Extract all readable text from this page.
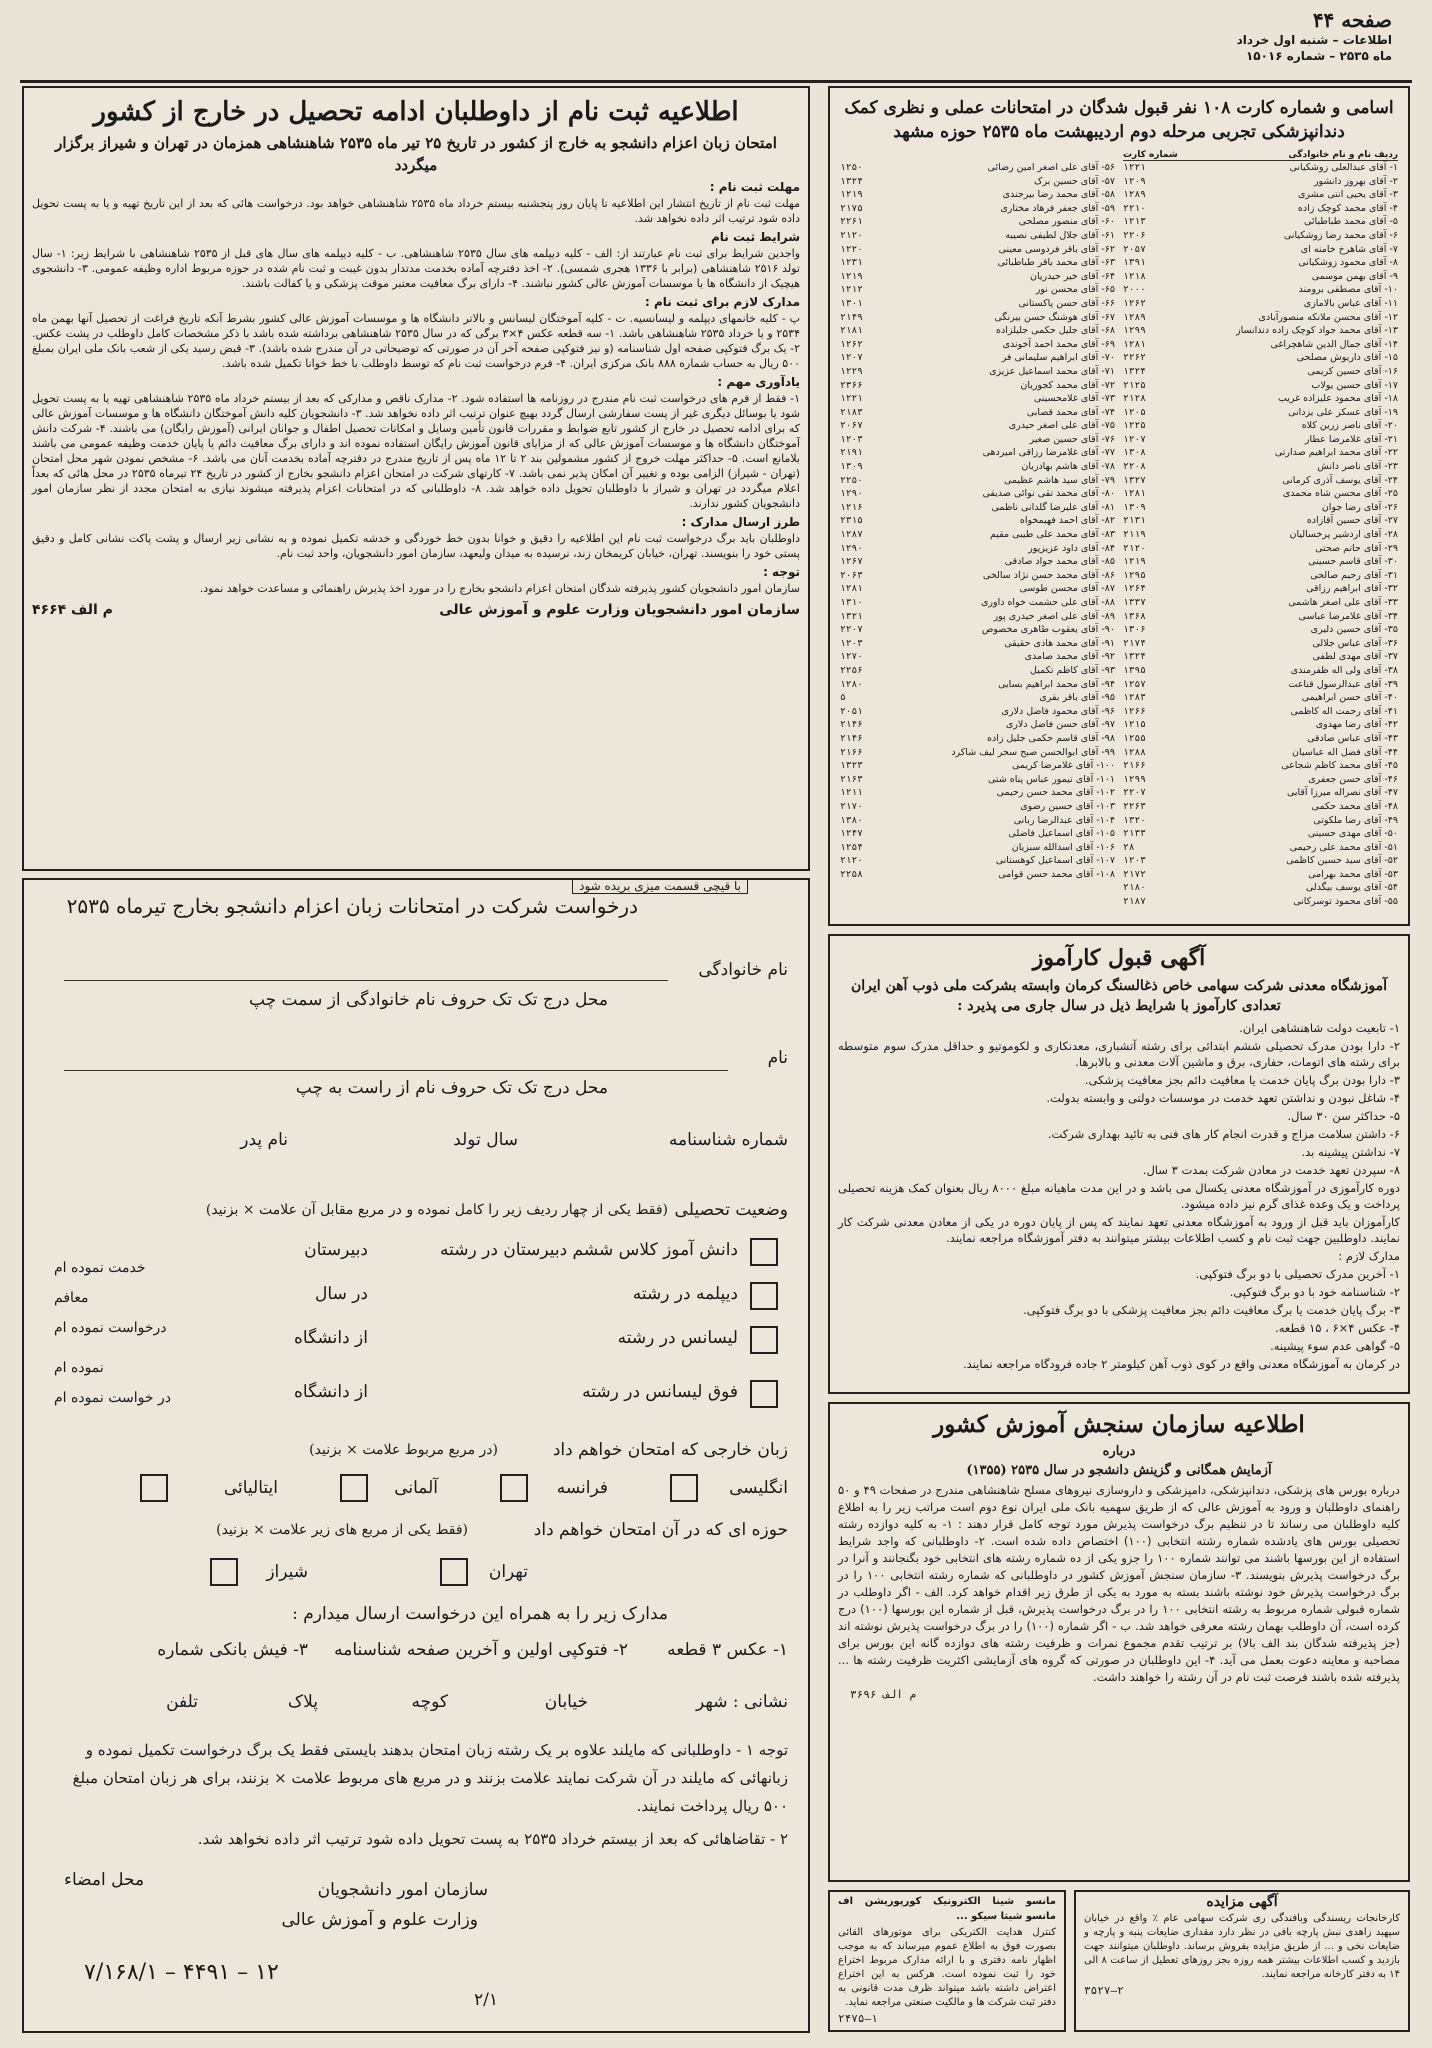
صفحه ۴۴
اطلاعات – شنبه اول خرداد
ماه ۲۵۳۵ – شماره ۱۵۰۱۶
اطلاعیه ثبت نام از داوطلبان ادامه تحصیل در خارج از کشور
امتحان زبان اعزام دانشجو به خارج از کشور در تاریخ ۲۵ تیر ماه ۲۵۳۵ شاهنشاهی همزمان در تهران و شیراز برگزار میگردد
مهلت ثبت نام :
مهلت ثبت نام از تاریخ انتشار این اطلاعیه تا پایان روز پنجشنبه بیستم خرداد ماه ۲۵۳۵ شاهنشاهی خواهد بود. درخواست هائی که بعد از این تاریخ تهیه و یا به پست تحویل داده شود ترتیب اثر داده نخواهد شد.
شرایط ثبت نام
واجدین شرایط برای ثبت نام عبارتند از: الف - کلیه دیپلمه های سال ۲۵۳۵ شاهنشاهی. ب - کلیه دیپلمه های سال های قبل از ۲۵۳۵ شاهنشاهی با شرایط زیر: ۱- سال تولد ۲۵۱۶ شاهنشاهی (برابر با ۱۳۳۶ هجری شمسی). ۲- اخذ دفترچه آماده بخدمت مدتدار بدون غیبت و ثبت نام شده در حوزه مربوط اداره وظیفه عمومی. ۳- دانشجوی هیچیک از دانشگاه ها یا موسسات آموزش عالی کشور نباشند. ۴- دارای برگ معافیت معتبر موقت پزشکی و یا کفالت باشند.
مدارک لازم برای ثبت نام :
پ - کلیه خانمهای دیپلمه و لیسانسیه. ت - کلیه آموختگان لیسانس و بالاتر دانشگاه ها و موسسات آموزش عالی کشور بشرط آنکه تاریخ فراغت از تحصیل آنها بهمن ماه ۲۵۳۴ و یا خرداد ۲۵۳۵ شاهنشاهی باشد. ۱- سه قطعه عکس ۴×۳ برگی که در سال ۲۵۳۵ شاهنشاهی برداشته شده باشد با ذکر مشخصات کامل داوطلب در پشت عکس. ۲- یک برگ فتوکپی صفحه اول شناسنامه (و نیز فتوکپی صفحه آخر آن در صورتی که توضیحاتی در آن مندرج شده باشد). ۳- قبض رسید یکی از شعب بانک ملی ایران بمبلغ ۵۰۰ ریال به حساب شماره ۸۸۸ بانک مرکزی ایران. ۴- فرم درخواست ثبت نام که توسط داوطلب با خط خوانا تکمیل شده باشد.
یادآوری مهم :
۱- فقط از فرم های درخواست ثبت نام مندرج در روزنامه ها استفاده شود. ۲- مدارک ناقص و مدارکی که بعد از بیستم خرداد ماه ۲۵۳۵ شاهنشاهی تهیه یا به پست تحویل شود یا بوسائل دیگری غیر از پست سفارشی ارسال گردد بهیچ عنوان ترتیب اثر داده نخواهد شد. ۳- دانشجویان کلیه دانش آموختگان دانشگاه ها و موسسات آموزش عالی که برای ادامه تحصیل در خارج از کشور تابع ضوابط و مقررات قانون تأمین وسایل و امکانات تحصیل اطفال و جوانان ایرانی (آموزش رایگان) می باشند. ۴- شرکت دانش آموختگان دانشگاه ها و موسسات آموزش عالی که از مزایای قانون آموزش رایگان استفاده نموده اند و دارای برگ معافیت دائم یا پایان خدمت وظیفه عمومی می باشند بلامانع است. ۵- حداکثر مهلت خروج از کشور مشمولین بند ۲ تا ۱۲ ماه پس از تاریخ مندرج در دفترچه آماده بخدمت آنان می باشد. ۶- مشخص نمودن شهر محل امتحان (تهران - شیراز) الزامی بوده و تغییر آن امکان پذیر نمی باشد. ۷- کارتهای شرکت در امتحان اعزام دانشجو بخارج از کشور در تاریخ ۲۴ تیرماه ۲۵۳۵ در محل هائی که بعداً اعلام میگردد در تهران و شیراز با داوطلبان تحویل داده خواهد شد. ۸- داوطلبانی که در امتحانات اعزام پذیرفته میشوند نیازی به امتحان مجدد از نظر سازمان امور دانشجویان کشور ندارند.
طرز ارسال مدارک :
داوطلبان باید برگ درخواست ثبت نام این اطلاعیه را دقیق و خوانا بدون خط خوردگی و خدشه تکمیل نموده و به نشانی زیر ارسال و پشت پاکت نشانی کامل و دقیق پستی خود را بنویسند. تهران، خیابان کریمخان زند، نرسیده به میدان ولیعهد، سازمان امور دانشجویان، واحد ثبت نام.
توجه :
سازمان امور دانشجویان کشور پذیرفته شدگان امتحان اعزام دانشجو بخارج را در مورد اخذ پذیرش راهنمائی و مساعدت خواهد نمود.
سازمان امور دانشجویان وزارت علوم و آموزش عالی
م الف ۴۶۶۴
با قیچی قسمت میزی بریده شود
درخواست شرکت در امتحانات زبان اعزام دانشجو بخارج تیرماه ۲۵۳۵
نام خانوادگی
محل درج تک تک حروف نام خانوادگی از سمت چپ
نام
محل درج تک تک حروف نام از راست به چپ
شماره شناسنامه
سال تولد
نام پدر
وضعیت تحصیلی
(فقط یکی از چهار ردیف زیر را کامل نموده و در مربع مقابل آن علامت × بزنید)
دانش آموز کلاس ششم دبیرستان در رشته
دبیرستان
دیپلمه در رشته
در سال
لیسانس در رشته
از دانشگاه
فوق لیسانس در رشته
از دانشگاه
خدمت نموده ام
معافم
درخواست نموده ام
نموده ام
در خواست نموده ام
زبان خارجی که امتحان خواهم داد
(در مربع مربوط علامت × بزنید)
انگلیسی
فرانسه
آلمانی
ایتالیائی
حوزه ای که در آن امتحان خواهم داد
(فقط یکی از مربع های زیر علامت × بزنید)
تهران
شیراز
مدارک زیر را به همراه این درخواست ارسال میدارم :
۱- عکس ۳ قطعه
۲- فتوکپی اولین و آخرین صفحه شناسنامه
۳- فیش بانکی شماره
نشانی : شهر
خیابان
کوچه
پلاک
تلفن
توجه ۱ - داوطلبانی که مایلند علاوه بر یک رشته زبان امتحان بدهند بایستی فقط یک برگ درخواست تکمیل نموده و زبانهائی که مایلند در آن شرکت نمایند علامت بزنند و در مربع های مربوط علامت × بزنند، برای هر زبان امتحان مبلغ ۵۰۰ ریال پرداخت نمایند.
۲ - تقاضاهائی که بعد از بیستم خرداد ۲۵۳۵ به پست تحویل داده شود ترتیب اثر داده نخواهد شد.
محل امضاء	سازمان امور دانشجویان
وزارت علوم و آموزش عالی
۷/۱۶۸/۱ – ۴۴۹۱ – ۱۲
۲/۱
اسامی و شماره کارت ۱۰۸ نفر قبول شدگان در امتحانات عملی و نظری کمک دندانپزشکی تجربی مرحله دوم اردیبهشت ماه ۲۵۳۵ حوزه مشهد
ردیف نام و نام خانوادگی
شماره کارت
۱- آقای عبدالعلی زوشکیانی
۱۲۲۱
۲- آقای بهروز دانشور
۱۲۰۹
۳- آقای یحیی انتی مشری
۱۲۸۹
۴- آقای محمد کوچک زاده
۲۲۱۰
۵- آقای محمد طباطبائی
۱۲۱۳
۶- آقای محمد رضا زوشکیانی
۲۲۰۶
۷- آقای شاهرخ خامنه ای
۲۰۵۷
۸- آقای محمود زوشکیانی
۱۳۹۱
۹- آقای بهمن موسمی
۱۲۱۸
۱۰- آقای مصطفی برومند
۲۰۰۰
۱۱- آقای عباس بالامازی
۱۲۶۲
۱۲- آقای محسن ملانکه منصورآبادی
۱۲۸۹
۱۳- آقای محمد جواد کوچک زاده دندانساز
۱۲۹۹
۱۴- آقای جمال الدین شاهچراغی
۱۲۸۱
۱۵- آقای داریوش مصلحی
۲۲۶۲
۱۶- آقای حسین کریمی
۱۳۲۴
۱۷- آقای حسین یولاب
۲۱۲۵
۱۸- آقای محمود علیزاده غریب
۲۱۲۸
۱۹- آقای عسکر علی یزدانی
۱۲۰۵
۲۰- آقای ناصر زرین کلاه
۱۲۲۵
۲۱- آقای غلامرضا عطار
۱۲۰۷
۲۲- آقای محمد ابراهیم صدارتی
۱۳۰۸
۲۳- آقای ناصر دانش
۲۲۰۸
۲۴- آقای یوسف آذری کرمانی
۱۳۲۷
۲۵- آقای محسن شاه محمدی
۱۲۸۱
۲۶- آقای رضا جوان
۱۳۰۹
۲۷- آقای حسین آقازاده
۲۱۳۱
۲۸- آقای اردشیر پرخسالیان
۲۱۱۹
۲۹- آقای حاتم صحتی
۲۱۲۰
۳۰- آقای قاسم حسینی
۱۲۱۹
۳۱- آقای رحیم صالحی
۱۲۹۵
۳۲- آقای ابراهیم رزاقی
۱۲۶۴
۳۳- آقای علی اصغر هاشمی
۱۳۳۷
۳۴- آقای غلامرضا عباسی
۱۳۶۸
۳۵- آقای حسین دلیری
۱۳۰۶
۳۶- آقای عباس جلالی
۲۱۷۴
۳۷- آقای مهدی لطفی
۱۳۲۴
۳۸- آقای ولی اله ظفرمندی
۱۳۹۵
۳۹- آقای عبدالرسول قناعت
۱۲۵۷
۴۰- آقای حسن ابراهیمی
۱۲۸۳
۴۱- آقای رحمت اله کاظمی
۱۲۶۶
۴۲- آقای رضا مهدوی
۱۲۱۵
۴۳- آقای عباس صادقی
۱۲۵۵
۴۴- آقای فضل اله عباسیان
۱۲۸۸
۴۵- آقای محمد کاظم شجاعی
۲۱۶۶
۴۶- آقای حسن جعفری
۱۲۹۹
۴۷- آقای نصراله میرزا آقایی
۲۲۰۷
۴۸- آقای محمد حکمی
۲۲۶۳
۴۹- آقای رضا ملکوتی
۱۳۲۰
۵۰- آقای مهدی حسینی
۲۱۳۳
۵۱- آقای محمد علی رحیمی
۲۸
۵۲- آقای سید حسین کاظمی
۱۲۰۳
۵۳- آقای محمد بهرامی
۲۱۷۲
۵۴- آقای یوسف بیگدلی
۲۱۸۰
۵۵- آقای محمود توسرکانی
۲۱۸۷
۵۶- آقای علی اصغر امین رضائی
۱۲۵۰
۵۷- آقای حسین برک
۱۳۲۴
۵۸- آقای محمد رضا بیرجندی
۱۲۱۹
۵۹- آقای جعفر فرهاد مختاری
۲۱۷۵
۶۰- آقای منصور مصلحی
۲۲۶۱
۶۱- آقای جلال لطیفی نصیبه
۲۱۲۰
۶۲- آقای باقر فردوسی معینی
۱۲۲۰
۶۳- آقای محمد باقر طباطبائی
۱۲۳۱
۶۴- آقای خیر حیدریان
۱۲۱۹
۶۵- آقای محسن نور
۱۲۱۲
۶۶- آقای حسن پاکستانی
۱۳۰۱
۶۷- آقای هوشنگ حسن بیرنگی
۲۱۴۹
۶۸- آقای جلیل حکمی جلیلزاده
۲۱۸۱
۶۹- آقای محمد احمد آخوندی
۱۲۶۲
۷۰- آقای ابراهیم سلیمانی فر
۱۲۰۷
۷۱- آقای محمد اسماعیل عزیزی
۱۲۲۹
۷۲- آقای محمد کجوریان
۲۳۶۶
۷۳- آقای غلامحسینی
۱۲۲۱
۷۴- آقای محمد قصابی
۲۱۸۳
۷۵- آقای علی اصغر حیدری
۲۰۶۷
۷۶- آقای حسین صغیر
۱۲۰۳
۷۷- آقای غلامرضا رزاقی امیردهی
۲۱۹۱
۷۸- آقای هاشم بهادریان
۱۳۰۹
۷۹- آقای سید هاشم عظیمی
۲۲۵۰
۸۰- آقای محمد تقی نوائی صدیقی
۱۲۹۰
۸۱- آقای علیرضا گلدانی ناظمی
۱۲۱۶
۸۲- آقای احمد فهیمخواه
۲۳۱۵
۸۳- آقای محمد علی طیبی مقیم
۱۲۸۷
۸۴- آقای داود عزیزپور
۱۲۹۰
۸۵- آقای محمد جواد صادقی
۱۲۶۷
۸۶- آقای محمد حسن نژاد سالخی
۲۰۶۳
۸۷- آقای محسن طوسی
۱۲۸۱
۸۸- آقای علی حشمت خواه داوری
۱۳۱۰
۸۹- آقای علی اصغر حیدری پور
۱۳۲۱
۹۰- آقای یعقوب طاهری مخصوص
۲۲۰۷
۹۱- آقای محمد هادی حقیقی
۱۲۰۳
۹۲- آقای محمد صامدی
۱۲۷۰
۹۳- آقای کاظم تکمیل
۲۲۵۶
۹۴- آقای محمد ابراهیم بسایی
۱۲۸۰
۹۵- آقای باقر بقری
۵
۹۶- آقای محمود فاضل دلاری
۲۰۵۱
۹۷- آقای حسن فاضل دلاری
۲۱۴۶
۹۸- آقای قاسم حکمی جلیل زاده
۲۱۴۶
۹۹- آقای ابوالحسن صبح سحر لیف شاکرد
۲۱۶۶
۱۰۰- آقای غلامرضا کریمی
۱۳۲۳
۱۰۱- آقای تیمور عباس پناه شتی
۲۱۶۳
۱۰۲- آقای محمد حسن رحیمی
۱۲۱۱
۱۰۳- آقای حسین رضوی
۲۱۷۰
۱۰۴- آقای عبدالرضا ربانی
۱۳۸۰
۱۰۵- آقای اسماعیل فاضلی
۱۲۴۷
۱۰۶- آقای اسدالله سبزیان
۱۲۵۴
۱۰۷- آقای اسماعیل کوهستانی
۲۱۲۰
۱۰۸- آقای محمد حسن قوامی
۲۲۵۸
آگهی قبول کارآموز
آموزشگاه معدنی شرکت سهامی خاص ذغالسنگ کرمان وابسته بشرکت ملی ذوب آهن ایران تعدادی کارآموز با شرایط ذیل در سال جاری می پذیرد :
۱- تابعیت دولت شاهنشاهی ایران.
۲- دارا بودن مدرک تحصیلی ششم ابتدائی برای رشته آتشباری، معدنکاری و لکوموتیو و حداقل مدرک سوم متوسطه برای رشته های اتومات، حفاری، برق و ماشین آلات معدنی و بالابرها.
۳- دارا بودن برگ پایان خدمت یا معافیت دائم بجز معافیت پزشکی.
۴- شاغل نبودن و نداشتن تعهد خدمت در موسسات دولتی و وابسته بدولت.
۵- حداکثر سن ۳۰ سال.
۶- داشتن سلامت مزاج و قدرت انجام کار های فنی به تائید بهداری شرکت.
۷- نداشتن پیشینه بد.
۸- سپردن تعهد خدمت در معادن شرکت بمدت ۳ سال.
دوره کارآموزی در آموزشگاه معدنی یکسال می باشد و در این مدت ماهیانه مبلغ ۸۰۰۰ ریال بعنوان کمک هزینه تحصیلی پرداخت و یک وعده غذای گرم نیز داده میشود.
کارآموزان باید قبل از ورود به آموزشگاه معدنی تعهد نمایند که پس از پایان دوره در یکی از معادن معدنی شرکت کار نمایند. داوطلبین جهت ثبت نام و کسب اطلاعات بیشتر میتوانند به دفتر آموزشگاه مراجعه نمایند.
مدارک لازم :
۱- آخرین مدرک تحصیلی با دو برگ فتوکپی.
۲- شناسنامه خود با دو برگ فتوکپی.
۳- برگ پایان خدمت یا برگ معافیت دائم بجز معافیت پزشکی با دو برگ فتوکپی.
۴- عکس ۴×۶ ، ۱۵ قطعه.
۵- گواهی عدم سوء پیشینه.
در کرمان به آموزشگاه معدنی واقع در کوی ذوب آهن کیلومتر ۲ جاده فرودگاه مراجعه نمایند.
اطلاعیه سازمان سنجش آموزش کشور
درباره
آزمایش همگانی و گزینش دانشجو در سال ۲۵۳۵ (۱۳۵۵)
درباره بورس های پزشکی، دندانپزشکی، دامپزشکی و داروسازی نیروهای مسلح شاهنشاهی مندرج در صفحات ۴۹ و ۵۰ راهنمای داوطلبان و ورود به آموزش عالی که از طریق سهمیه بانک ملی ایران نوع دوم است مراتب زیر را به اطلاع کلیه داوطلبان می رساند تا در تنظیم برگ درخواست پذیرش مورد توجه کامل قرار دهند : ۱- به کلیه دوازده رشته تحصیلی بورس های یادشده شماره رشته انتخابی (۱۰۰) اختصاص داده شده است. ۲- داوطلبانی که واجد شرایط استفاده از این بورسها باشند می توانند شماره ۱۰۰ را جزو یکی از ده شماره رشته های انتخابی خود بگنجانند و آنرا در برگ درخواست پذیرش بنویسند. ۳- سازمان سنجش آموزش کشور در داوطلبانی که شماره رشته انتخابی ۱۰۰ را در برگ درخواست پذیرش خود نوشته باشند بسته به مورد به یکی از طرق زیر اقدام خواهد کرد. الف - اگر داوطلب در شماره قبولی شماره مربوط به رشته انتخابی ۱۰۰ را در برگ درخواست پذیرش، قبل از شماره این بورسها (۱۰۰) درج کرده است، آن داوطلب بهمان رشته معرفی خواهد شد. ب - اگر شماره (۱۰۰) را در برگ درخواست پذیرش نوشته اند (جز پذیرفته شدگان بند الف بالا) بر ترتیب تقدم مجموع نمرات و ظرفیت رشته های دوازده گانه این بورس برای مصاحبه و معاینه دعوت بعمل می آید. ۴- این داوطلبان در صورتی که گروه های آزمایشی اکثریت ظرفیت رشته ها ... پذیرفته شده باشند فرصت ثبت نام در آن رشته را خواهند داشت.
م الف ۳۶۹۶
آگهی مزایده
کارخانجات ریسندگی وبافندگی ری شرکت سهامی عام ٪ واقع در خیابان سپهبد زاهدی نبش پارچه بافی در نظر دارد مقداری ضایعات پنبه و پارچه و ضایعات نخی و ... از طریق مزایده بفروش برساند. داوطلبان میتوانند جهت بازدید و کسب اطلاعات بیشتر همه روزه بجز روزهای تعطیل از ساعت ۸ الی ۱۴ به دفتر کارخانه مراجعه نمایند.
۳۵۲۷–۲
مانسو شینا الکترونیک کورپوریشن اف مانسو شیتا سیکو ...
کنترل هدایت الکتریکی برای موتورهای القائی بصورت فوق به اطلاع عموم میرساند که به موجب اظهار نامه دفتری و با ارائه مدارک مربوط اختراع خود را ثبت نموده است. هرکس به این اختراع اعتراض داشته باشد میتواند ظرف مدت قانونی به دفتر ثبت شرکت ها و مالکیت صنعتی مراجعه نماید.
۲۴۷۵–۱
